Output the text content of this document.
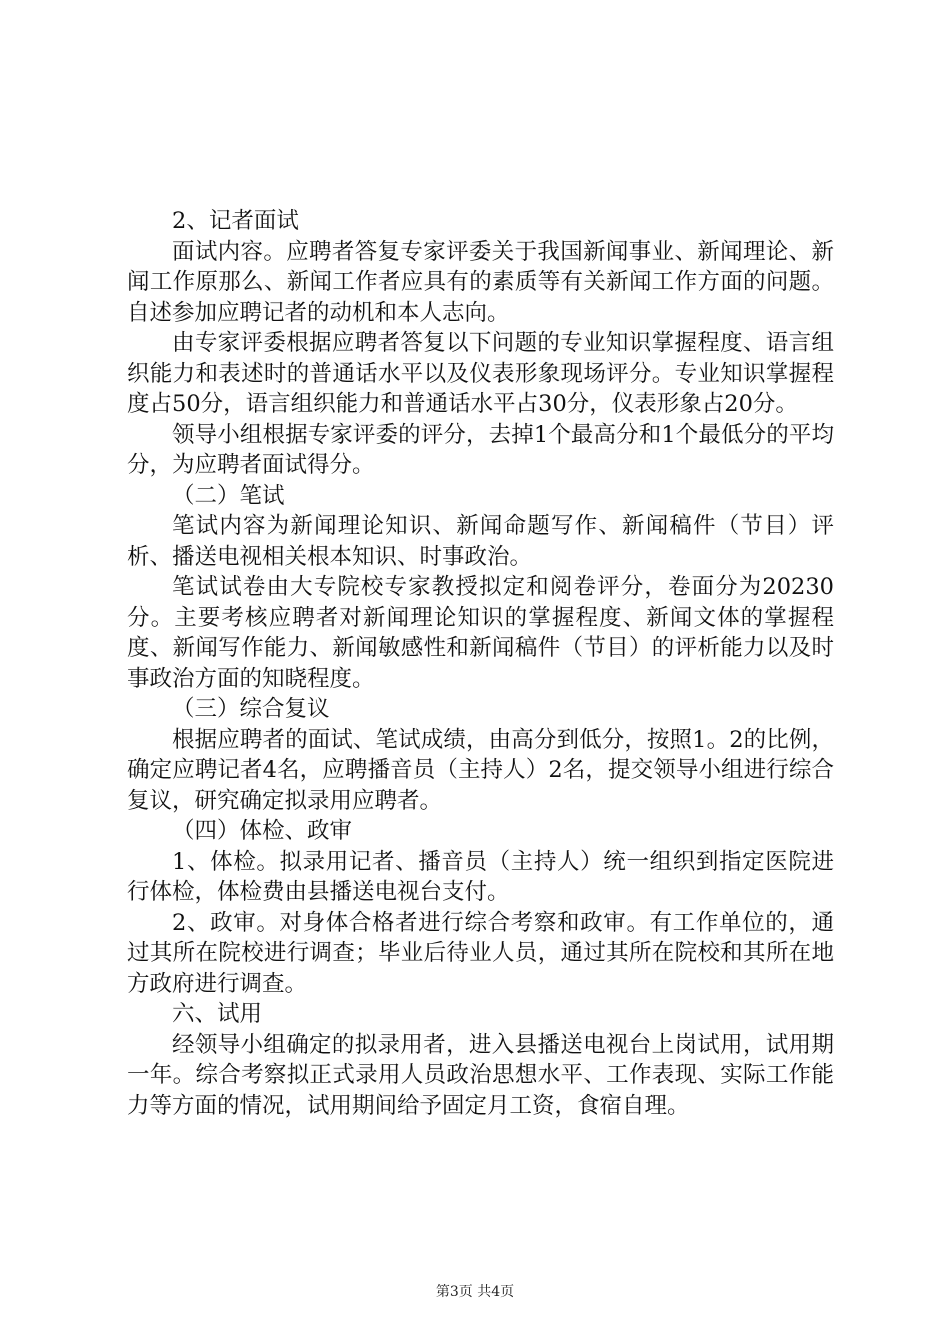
2、记者面试

面试内容。应聘者答复专家评委关于我国新闻事业、新闻理论、新闻工作原那么、新闻工作者应具有的素质等有关新闻工作方面的问题。自述参加应聘记者的动机和本人志向。

由专家评委根据应聘者答复以下问题的专业知识掌握程度、语言组织能力和表述时的普通话水平以及仪表形象现场评分。专业知识掌握程度占50分，语言组织能力和普通话水平占30分，仪表形象占20分。

领导小组根据专家评委的评分，去掉1个最高分和1个最低分的平均分，为应聘者面试得分。

（二）笔试

笔试内容为新闻理论知识、新闻命题写作、新闻稿件（节目）评析、播送电视相关根本知识、时事政治。

笔试试卷由大专院校专家教授拟定和阅卷评分，卷面分为20230分。主要考核应聘者对新闻理论知识的掌握程度、新闻文体的掌握程度、新闻写作能力、新闻敏感性和新闻稿件（节目）的评析能力以及时事政治方面的知晓程度。

（三）综合复议

根据应聘者的面试、笔试成绩，由高分到低分，按照1。2的比例，确定应聘记者4名，应聘播音员（主持人）2名，提交领导小组进行综合复议，研究确定拟录用应聘者。

（四）体检、政审

1、体检。拟录用记者、播音员（主持人）统一组织到指定医院进行体检，体检费由县播送电视台支付。

2、政审。对身体合格者进行综合考察和政审。有工作单位的，通过其所在院校进行调查；毕业后待业人员，通过其所在院校和其所在地方政府进行调查。

六、试用

经领导小组确定的拟录用者，进入县播送电视台上岗试用，试用期一年。综合考察拟正式录用人员政治思想水平、工作表现、实际工作能力等方面的情况，试用期间给予固定月工资，食宿自理。

第3页 共4页
